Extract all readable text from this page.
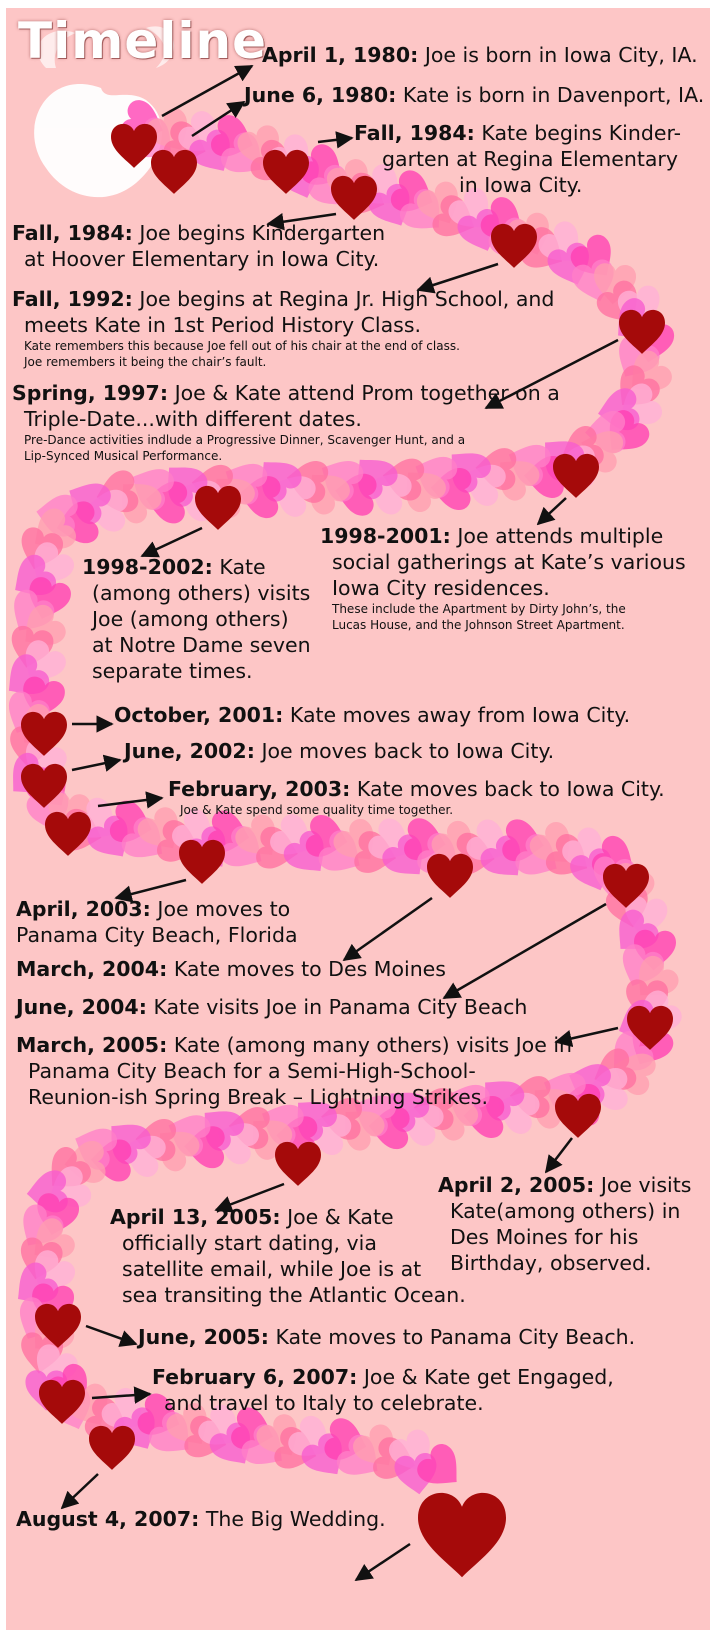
Timeline
April 1, 1980: Joe is born in Iowa City, IA.
June 6, 1980: Kate is born in Davenport, IA.
Fall, 1984: Kate begins Kinder-
garten at Regina Elementary
in Iowa City.
Fall, 1984: Joe begins Kindergarten
at Hoover Elementary in Iowa City.
Fall, 1992: Joe begins at Regina Jr. High School, and
meets Kate in 1st Period History Class.
Kate remembers this because Joe fell out of his chair at the end of class.
Joe remembers it being the chair’s fault.
Spring, 1997: Joe & Kate attend Prom together on a
Triple-Date...with different dates.
Pre-Dance activities indlude a Progressive Dinner, Scavenger Hunt, and a
Lip-Synced Musical Performance.
1998-2001: Joe attends multiple
social gatherings at Kate’s various
Iowa City residences.
These include the Apartment by Dirty John’s, the
Lucas House, and the Johnson Street Apartment.
1998-2002: Kate
(among others) visits
Joe (among others)
at Notre Dame seven
separate times.
October, 2001: Kate moves away from Iowa City.
June, 2002: Joe moves back to Iowa City.
February, 2003: Kate moves back to Iowa City.
Joe & Kate spend some quality time together.
April, 2003: Joe moves to
Panama City Beach, Florida
March, 2004: Kate moves to Des Moines
June, 2004: Kate visits Joe in Panama City Beach
March, 2005: Kate (among many others) visits Joe in
Panama City Beach for a Semi-High-School-
Reunion-ish Spring Break – Lightning Strikes.
April 2, 2005: Joe visits
Kate(among others) in
Des Moines for his
Birthday, observed.
April 13, 2005: Joe & Kate
officially start dating, via
satellite email, while Joe is at
sea transiting the Atlantic Ocean.
June, 2005: Kate moves to Panama City Beach.
February 6, 2007: Joe & Kate get Engaged,
and travel to Italy to celebrate.
August 4, 2007: The Big Wedding.
